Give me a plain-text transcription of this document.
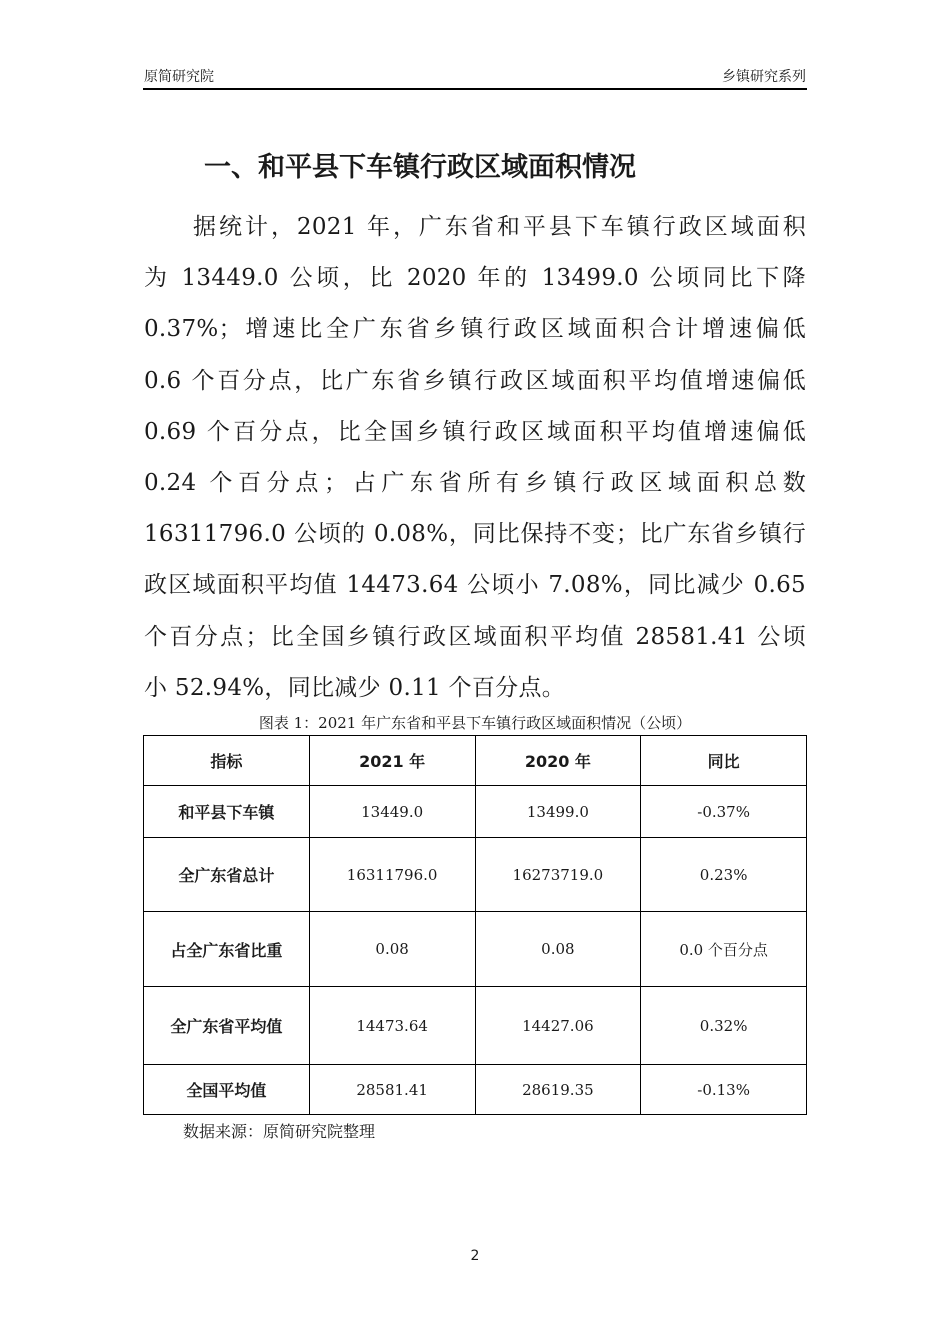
原简研究院	乡镇研究系列
一、和平县下车镇行政区域面积情况

据统计，2021 年，广东省和平县下车镇行政区域面积
为 13449.0 公顷，比 2020 年的 13499.0 公顷同比下降
0.37%；增速比全广东省乡镇行政区域面积合计增速偏低
0.6 个百分点，比广东省乡镇行政区域面积平均值增速偏低
0.69 个百分点，比全国乡镇行政区域面积平均值增速偏低
0.24 个百分点；占广东省所有乡镇行政区域面积总数
16311796.0 公顷的 0.08%，同比保持不变；比广东省乡镇行
政区域面积平均值 14473.64 公顷小 7.08%，同比减少 0.65
个百分点；比全国乡镇行政区域面积平均值 28581.41 公顷
小 52.94%，同比减少 0.11 个百分点。

图表 1：2021 年广东省和平县下车镇行政区域面积情况（公顷）
指标	2021 年	2020 年	同比
和平县下车镇	13449.0	13499.0	-0.37%
全广东省总计	16311796.0	16273719.0	0.23%
占全广东省比重	0.08	0.08	0.0 个百分点
全广东省平均值	14473.64	14427.06	0.32%
全国平均值	28581.41	28619.35	-0.13%
数据来源：原简研究院整理
2
